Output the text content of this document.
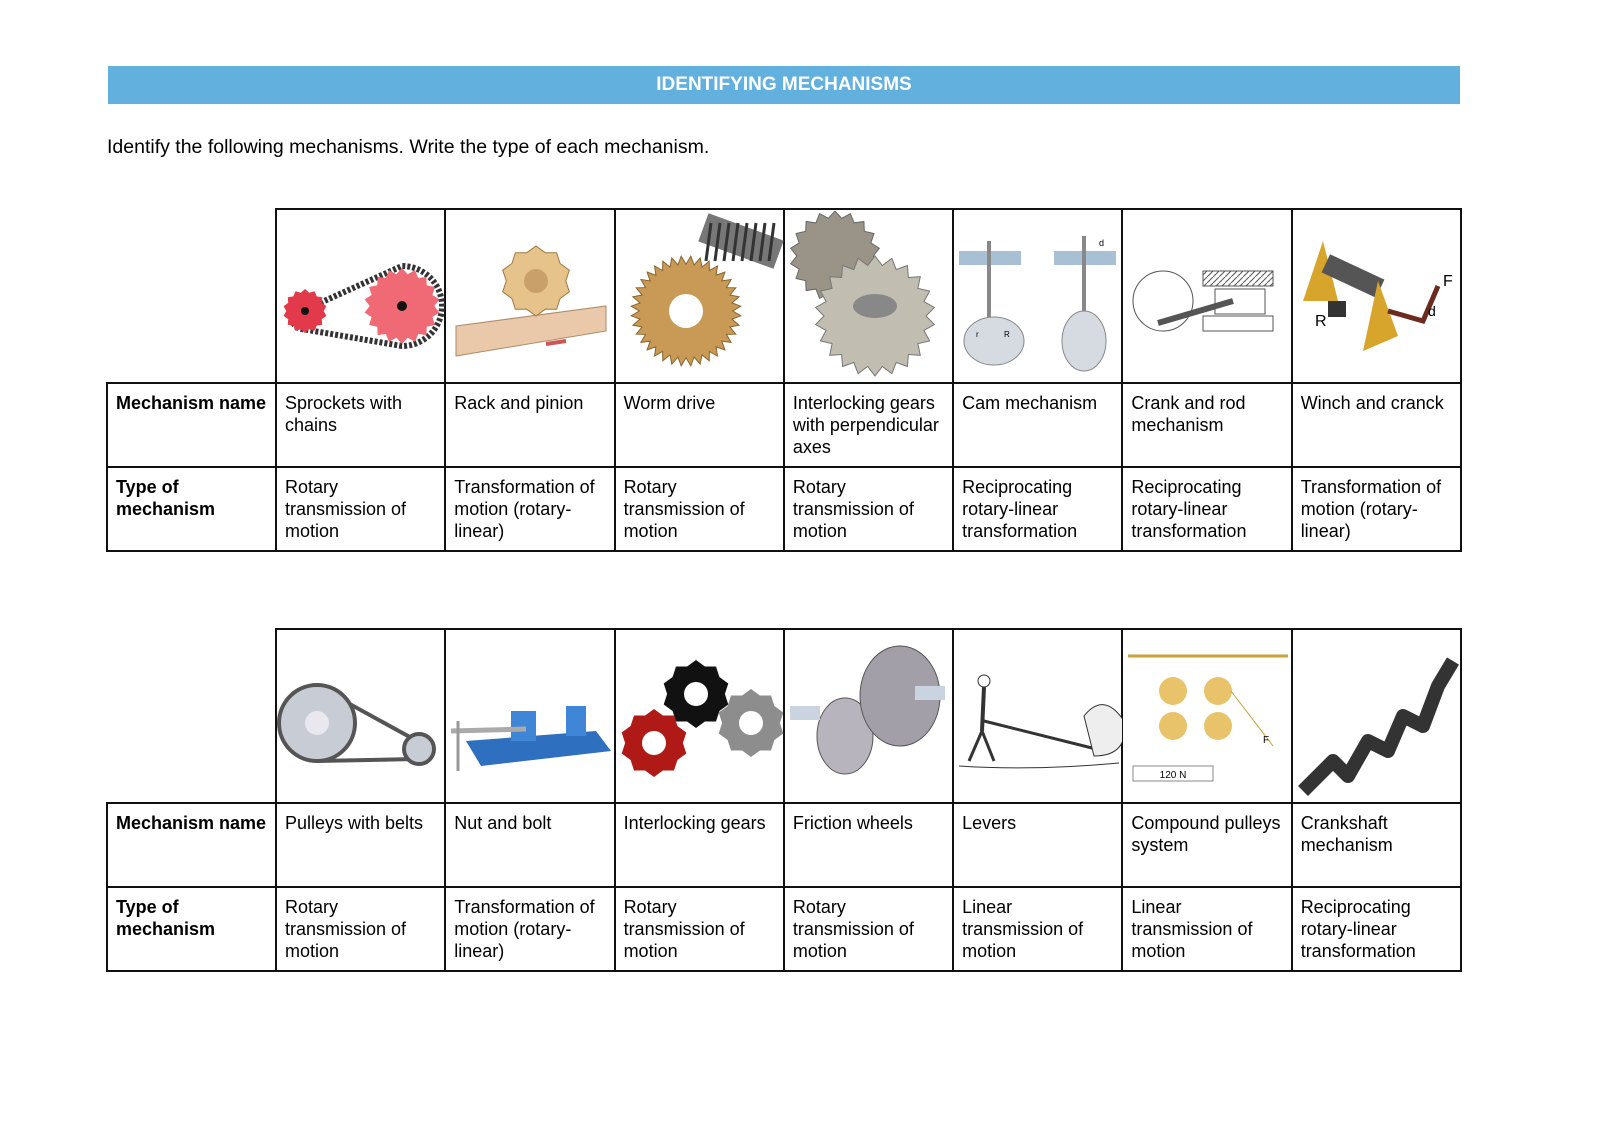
IDENTIFYING MECHANISMS
Identify the following mechanisms. Write the type of each mechanism.

r R
d		R
F
d

Mechanism name	Sprockets with chains	Rack and pinion	Worm drive	Interlocking gears with perpendicular axes	Cam mechanism	Crank and rod mechanism	Winch and cranck
Type of mechanism	Rotary transmission of motion	Transformation of motion (rotary-linear)	Rotary transmission of motion	Rotary transmission of motion	Reciprocating rotary-linear transformation	Reciprocating rotary-linear transformation	Transformation of motion (rotary-linear)

120 N
F

Mechanism name	Pulleys with belts	Nut and bolt	Interlocking gears	Friction wheels	Levers	Compound pulleys system	Crankshaft mechanism
Type of mechanism	Rotary transmission of motion	Transformation of motion (rotary-linear)	Rotary transmission of motion	Rotary transmission of motion	Linear transmission of motion	Linear transmission of motion	Reciprocating rotary-linear transformation
